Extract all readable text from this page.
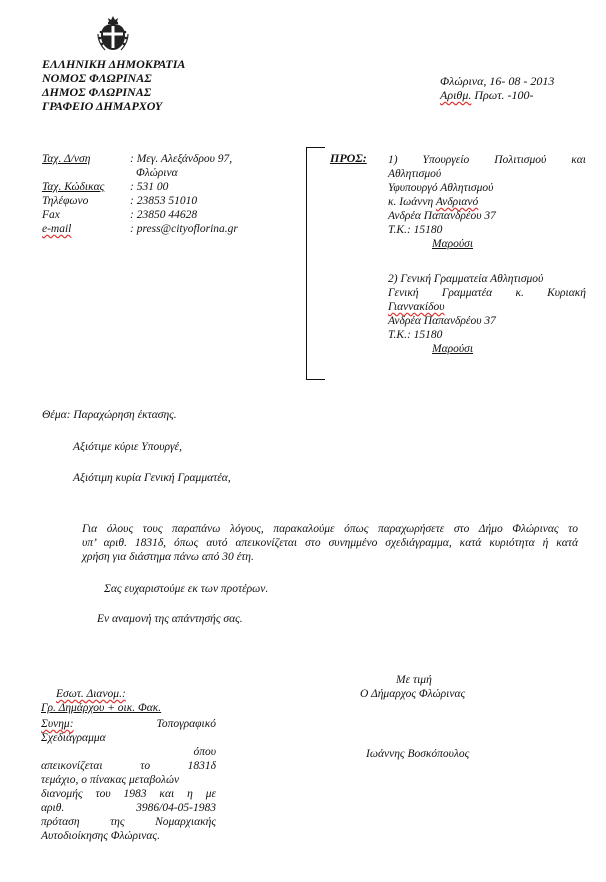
ΕΛΛΗΝΙΚΗ ΔΗΜΟΚΡΑΤΙΑ
ΝΟΜΟΣ ΦΛΩΡΙΝΑΣ
ΔΗΜΟΣ ΦΛΩΡΙΝΑΣ
ΓΡΑΦΕΙΟ ΔΗΜΑΡΧΟΥ
Φλώρινα, 16- 08 - 2013
Αριθμ. Πρωτ. -100-
Ταχ. Δ/νση	: Μεγ. Αλεξάνδρου 97,
Φλώρινα
Ταχ. Κώδικας	: 531 00
Τηλέφωνο	: 23853 51010
Fax	: 23850 44628
e-mail	: press@cityoflorina.gr
ΠΡΟΣ: 1) Υπουργείο Πολιτισμού και
Αθλητισμού
Υφυπουργό Αθλητισμού
κ. Ιωάννη Ανδριανό
Ανδρέα Παπανδρέου 37
Τ.Κ.: 15180
Μαρούσι
2) Γενική Γραμματεία Αθλητισμού
Γενική Γραμματέα κ. Κυριακή
Γιαννακίδου
Ανδρέα Παπανδρέου 37
Τ.Κ.: 15180
Μαρούσι
Θέμα: Παραχώρηση έκτασης.
Αξιότιμε κύριε Υπουργέ,
Αξιότιμη κυρία Γενική Γραμματέα,
Για όλους τους παραπάνω λόγους, παρακαλούμε όπως παραχωρήσετε στο Δήμο Φλώρινας το
υπ’ αριθ. 1831δ, όπως αυτό απεικονίζεται στο συνημμένο σχεδιάγραμμα, κατά κυριότητα ή κατά
χρήση για διάστημα πάνω από 30 έτη.
Σας ευχαριστούμε εκ των προτέρων.
Εν αναμονή της απάντησής σας.
Με τιμή
Ο Δήμαρχος Φλώρινας
Ιωάννης Βοσκόπουλος
Εσωτ. Διανομ.:
Γρ. Δημάρχου + οικ. Φακ.
Συνημ:	Τοπογραφικό
Σχεδιάγραμμα
όπου
απεικονίζεται	το	1831δ
τεμάχιο, ο πίνακας μεταβολών
διανομής του 1983 και η με
αριθ.	3986/04-05-1983
πρόταση της Νομαρχιακής
Αυτοδιοίκησης Φλώρινας.
